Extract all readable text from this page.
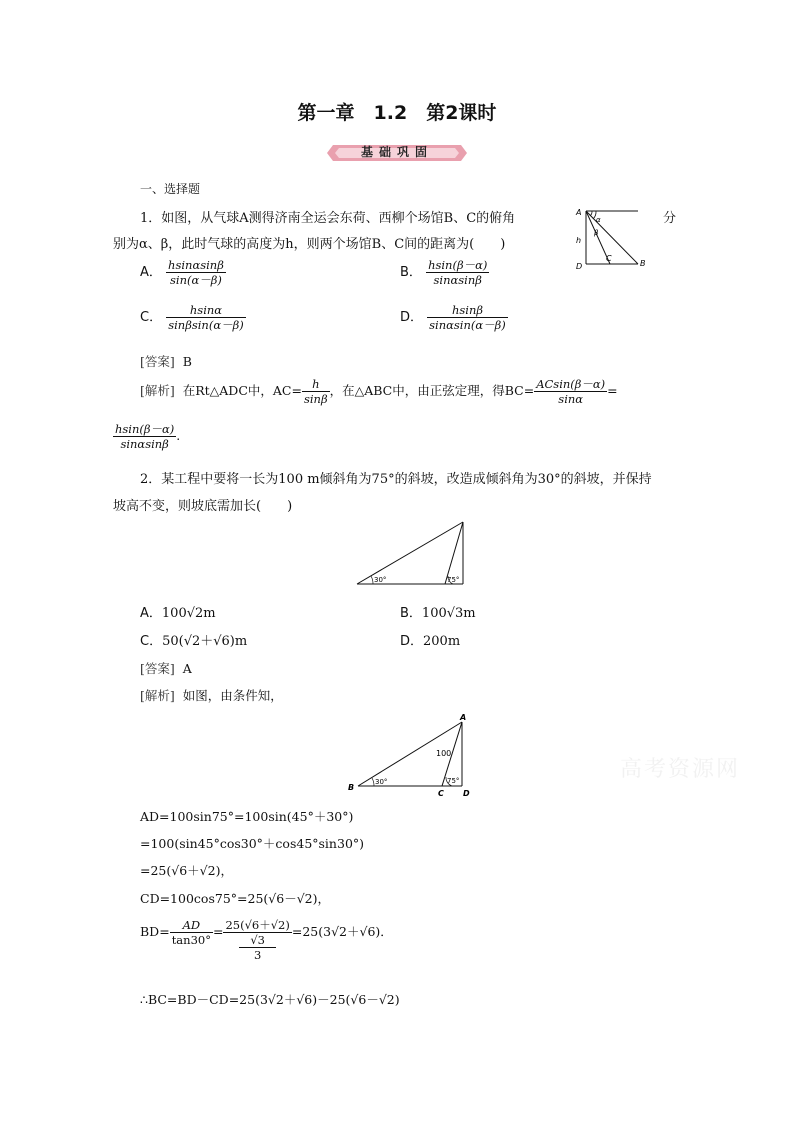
第一章　1.2　第2课时
基础巩固
一、选择题
1．如图，从气球A测得济南全运会东荷、西柳个场馆B、C的俯角	分
别为α、β，此时气球的高度为h，则两个场馆B、C间的距离为(　　)
A
h
D
C
B
α
β
A． $\frac{hsin\alpha\sin\beta}{\sin(\alpha-\beta)}$	B． $\frac{hsin(\beta-\alpha)}{\sin\alpha\sin\beta}$
C． $\frac{hsin\alpha}{\sin\beta\sin(\alpha-\beta)}$	D． $\frac{hsin\beta}{\sin\alpha\sin(\alpha-\beta)}$
[答案] B
[解析] 在Rt△ADC中，$AC= \frac{h}{\sin\beta}$ ，在△ABC中，由正弦定理，得$BC= \frac{ACsin(\beta-\alpha)}{\sin\alpha}$ =
$\frac{hsin(\beta-\alpha)}{\sin\alpha\sin\beta}$ .
2．某工程中要将一长为100 m倾斜角为75°的斜坡，改造成倾斜角为30°的斜坡，并保持
坡高不变，则坡底需加长(　　)
30°	75°
A．100√2m	B．100√3m
C．50(√2＋√6)m	D．200m
[答案] A
[解析] 如图，由条件知，
A
B
C D
100
30°	75°	高考资源网
AD=100sin75°=100sin(45°＋30°)
=100(sin45°cos30°＋cos45°sin30°)
=25(√6＋√2)，
CD=100cos75°=25(√6－√2)，
$BD= \frac{AD}{\tan 30^\circ} = 25(√6+√2)$
√3
3 =25(3√2＋√6)．
∴BC=BD－CD=25(3√2＋√6)－25(√6－√2)
